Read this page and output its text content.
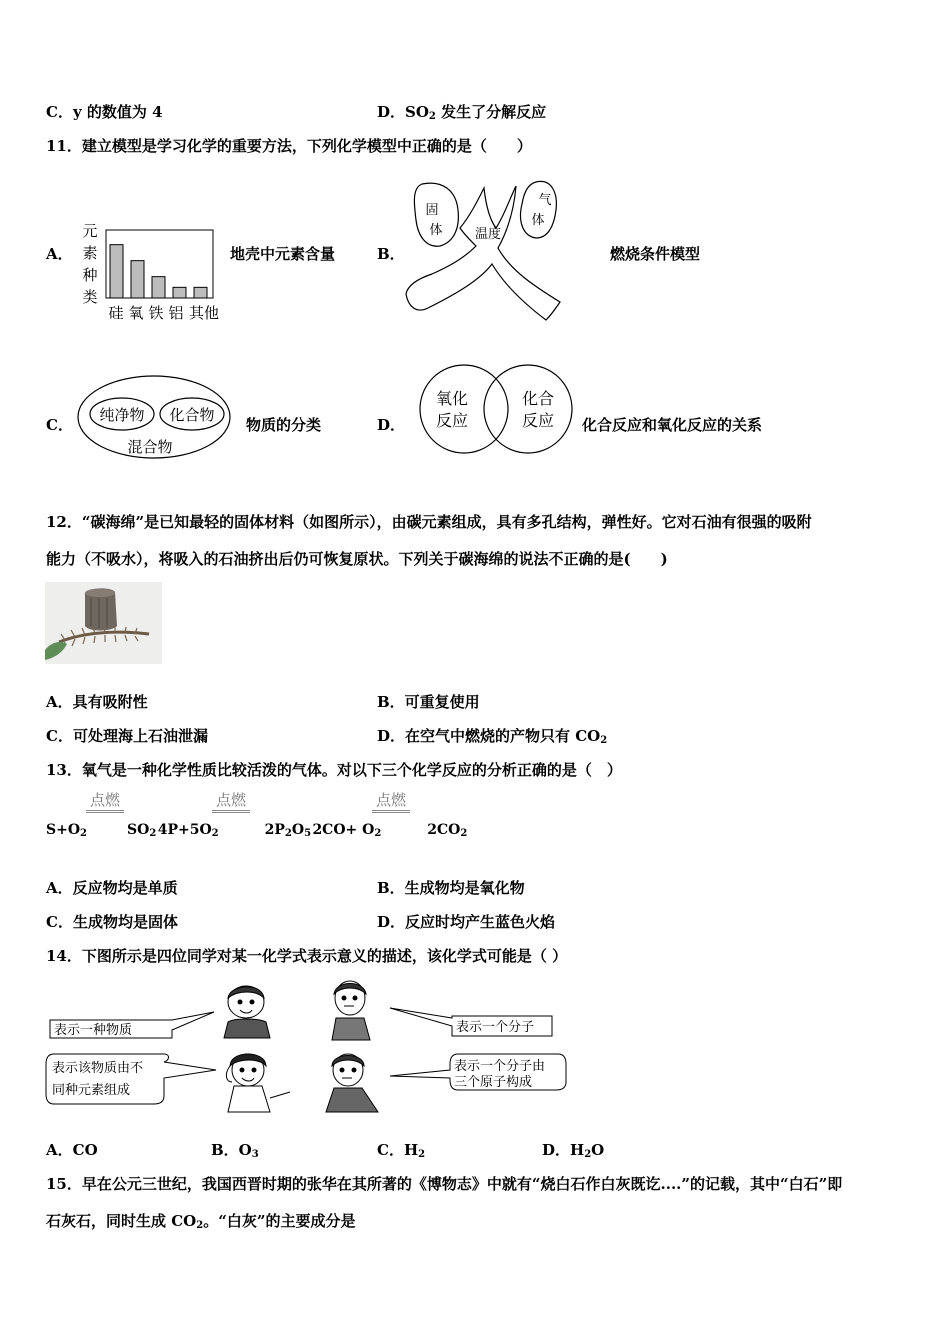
C．y 的数值为 4	D．$SO_2$ 发生了分解反应
11．建立模型是学习化学的重要方法，下列化学模型中正确的是（　　）
A．
元
素
种
类
硅 氧 铁 铝 其他
地壳中元素含量	B．
固
体 温度
气
体
燃烧条件模型
C．
纯净物 化合物
混合物
物质的分类	D．
氧化
反应
化合
反应 化合反应和氧化反应的关系
12．“碳海绵”是已知最轻的固体材料（如图所示），由碳元素组成，具有多孔结构，弹性好。它对石油有很强的吸附
能力（不吸水），将吸入的石油挤出后仍可恢复原状。下列关于碳海绵的说法不正确的是(　　)
A．具有吸附性	B．可重复使用
C．可处理海上石油泄漏	D．在空气中燃烧的产物只有 $CO_2$
13．氧气是一种化学性质比较活泼的气体。对以下三个化学反应的分析正确的是（　）
点燃	点燃	点燃
$S+O_2$	$SO_2$ $4P+5O_2$	$2P_2O_5$ $2CO+ O_2$	$2CO_2$
A．反应物均是单质	B．生成物均是氧化物
C．生成物均是固体	D．反应时均产生蓝色火焰
14．下图所示是四位同学对某一化学式表示意义的描述，该化学式可能是（ ）
表示一种物质	表示一个分子
表示该物质由不
同种元素组成
表示一个分子由
三个原子构成
A．CO	B．$O_3$	C．$H_2$	D．$H_2O$
15．早在公元三世纪，我国西晋时期的张华在其所著的《博物志》中就有“烧白石作白灰既讫....”的记载，其中“白石”即
石灰石，同时生成 $CO_2$。“白灰”的主要成分是
